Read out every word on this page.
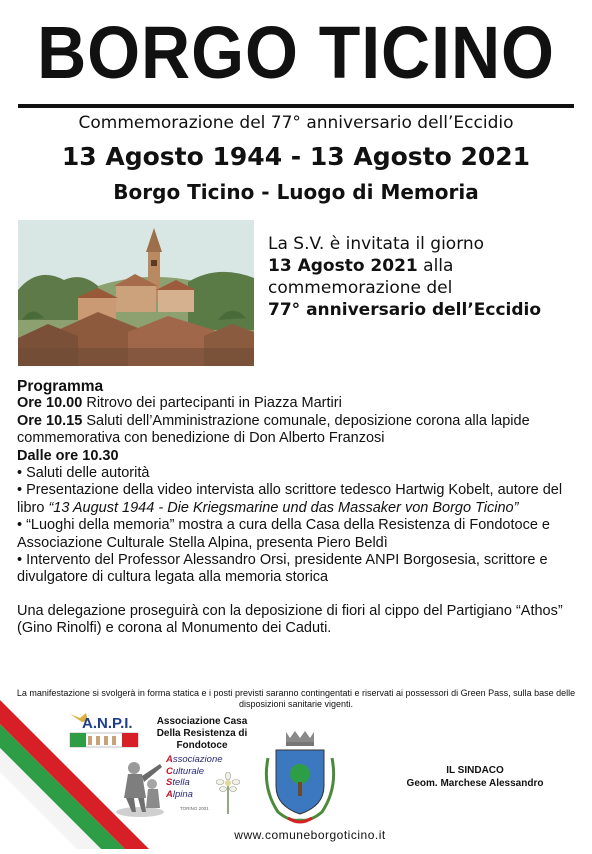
BORGO TICINO
Commemorazione del 77° anniversario dell’Eccidio
13 Agosto 1944 - 13 Agosto 2021
Borgo Ticino - Luogo di Memoria
La S.V. è invitata il giorno
13 Agosto 2021 alla
commemorazione del
77° anniversario dell’Eccidio
Programma
Ore 10.00 Ritrovo dei partecipanti in Piazza Martiri
Ore 10.15 Saluti dell’Amministrazione comunale, deposizione corona alla lapide commemorativa con benedizione di Don Alberto Franzosi
Dalle ore 10.30
• Saluti delle autorità
• Presentazione della video intervista allo scrittore tedesco Hartwig Kobelt, autore del libro “13 August 1944 - Die Kriegsmarine und das Massaker von Borgo Ticino”
• “Luoghi della memoria” mostra a cura della Casa della Resistenza di Fondotoce e Associazione Culturale Stella Alpina, presenta Piero Beldì
• Intervento del Professor Alessandro Orsi, presidente ANPI Borgosesia, scrittore e divulgatore di cultura legata alla memoria storica
Una delegazione proseguirà con la deposizione di fiori al cippo del Partigiano “Athos” (Gino Rinolfi) e corona al Monumento dei Caduti.
La manifestazione si svolgerà in forma statica e i posti previsti saranno contingentati e riservati ai possessori di Green Pass, sulla base delle disposizioni sanitarie vigenti.
A.N.P.I.	Associazione Casa
Della Resistenza di
Fondotoce
Associazione
Culturale
Stella
Alpina
TORINO 2001
IL SINDACO
Geom. Marchese Alessandro
www.comuneborgoticino.it
